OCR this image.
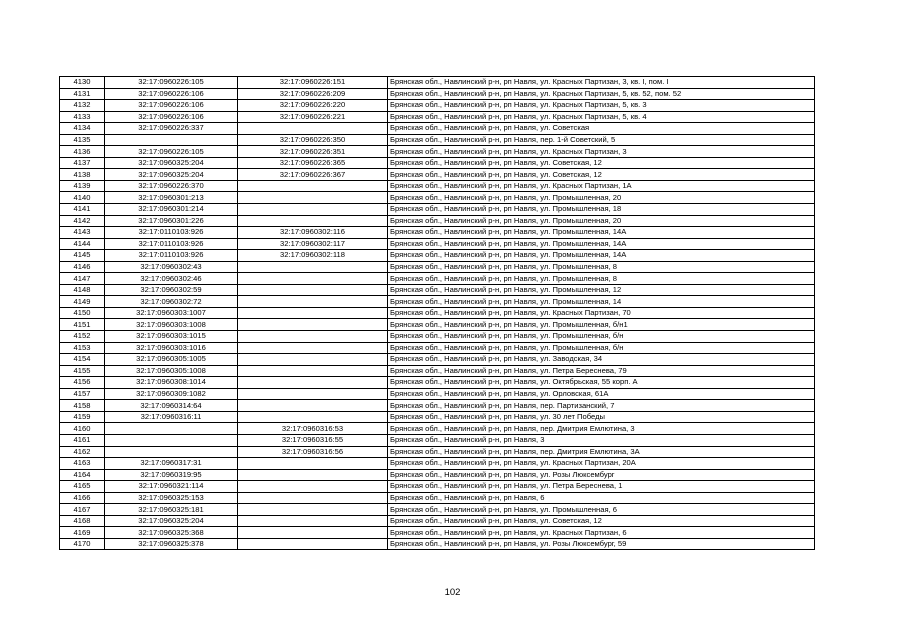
4130	32:17:0960226:105	32:17:0960226:151	Брянская обл., Навлинский р-н, рп Навля, ул. Красных Партизан, 3, кв. I, пом. I
4131	32:17:0960226:106	32:17:0960226:209	Брянская обл., Навлинский р-н, рп Навля, ул. Красных Партизан, 5, кв. 52, пом. 52
4132	32:17:0960226:106	32:17:0960226:220	Брянская обл., Навлинский р-н, рп Навля, ул. Красных Партизан, 5, кв. 3
4133	32:17:0960226:106	32:17:0960226:221	Брянская обл., Навлинский р-н, рп Навля, ул. Красных Партизан, 5, кв. 4
4134	32:17:0960226:337		Брянская обл., Навлинский р-н, рп Навля, ул. Советская
4135		32:17:0960226:350	Брянская обл., Навлинский р-н, рп Навля, пер. 1-й Советский, 5
4136	32:17:0960226:105	32:17:0960226:351	Брянская обл., Навлинский р-н, рп Навля, ул. Красных Партизан, 3
4137	32:17:0960325:204	32:17:0960226:365	Брянская обл., Навлинский р-н, рп Навля, ул. Советская, 12
4138	32:17:0960325:204	32:17:0960226:367	Брянская обл., Навлинский р-н, рп Навля, ул. Советская, 12
4139	32:17:0960226:370		Брянская обл., Навлинский р-н, рп Навля, ул. Красных Партизан, 1А
4140	32:17:0960301:213		Брянская обл., Навлинский р-н, рп Навля, ул. Промышленная, 20
4141	32:17:0960301:214		Брянская обл., Навлинский р-н, рп Навля, ул. Промышленная, 18
4142	32:17:0960301:226		Брянская обл., Навлинский р-н, рп Навля, ул. Промышленная, 20
4143	32:17:0110103:926	32:17:0960302:116	Брянская обл., Навлинский р-н, рп Навля, ул. Промышленная, 14А
4144	32:17:0110103:926	32:17:0960302:117	Брянская обл., Навлинский р-н, рп Навля, ул. Промышленная, 14А
4145	32:17:0110103:926	32:17:0960302:118	Брянская обл., Навлинский р-н, рп Навля, ул. Промышленная, 14А
4146	32:17:0960302:43		Брянская обл., Навлинский р-н, рп Навля, ул. Промышленная, 8
4147	32:17:0960302:46		Брянская обл., Навлинский р-н, рп Навля, ул. Промышленная, 8
4148	32:17:0960302:59		Брянская обл., Навлинский р-н, рп Навля, ул. Промышленная, 12
4149	32:17:0960302:72		Брянская обл., Навлинский р-н, рп Навля, ул. Промышленная, 14
4150	32:17:0960303:1007		Брянская обл., Навлинский р-н, рп Навля, ул. Красных Партизан, 70
4151	32:17:0960303:1008		Брянская обл., Навлинский р-н, рп Навля, ул. Промышленная, б/н1
4152	32:17:0960303:1015		Брянская обл., Навлинский р-н, рп Навля, ул. Промышленная, б/н
4153	32:17:0960303:1016		Брянская обл., Навлинский р-н, рп Навля, ул. Промышленная, б/н
4154	32:17:0960305:1005		Брянская обл., Навлинский р-н, рп Навля, ул. Заводская, 34
4155	32:17:0960305:1008		Брянская обл., Навлинский р-н, рп Навля, ул. Петра Береснева, 79
4156	32:17:0960308:1014		Брянская обл., Навлинский р-н, рп Навля, ул. Октябрьская, 55 корп. А
4157	32:17:0960309:1082		Брянская обл., Навлинский р-н, рп Навля, ул. Орловская, 61А
4158	32:17:0960314:64		Брянская обл., Навлинский р-н, рп Навля, пер. Партизанский, 7
4159	32:17:0960316:11		Брянская обл., Навлинский р-н, рп Навля, ул. 30 лет Победы
4160		32:17:0960316:53	Брянская обл., Навлинский р-н, рп Навля, пер. Дмитрия Емлютина, 3
4161		32:17:0960316:55	Брянская обл., Навлинский р-н, рп Навля, 3
4162		32:17:0960316:56	Брянская обл., Навлинский р-н, рп Навля, пер. Дмитрия Емлютина, 3А
4163	32:17:0960317:31		Брянская обл., Навлинский р-н, рп Навля, ул. Красных Партизан, 20А
4164	32:17:0960319:95		Брянская обл., Навлинский р-н, рп Навля, ул. Розы Люксембург
4165	32:17:0960321:114		Брянская обл., Навлинский р-н, рп Навля, ул. Петра Береснева, 1
4166	32:17:0960325:153		Брянская обл., Навлинский р-н, рп Навля, 6
4167	32:17:0960325:181		Брянская обл., Навлинский р-н, рп Навля, ул. Промышленная, 6
4168	32:17:0960325:204		Брянская обл., Навлинский р-н, рп Навля, ул. Советская, 12
4169	32:17:0960325:368		Брянская обл., Навлинский р-н, рп Навля, ул. Красных Партизан, 6
4170	32:17:0960325:378		Брянская обл., Навлинский р-н, рп Навля, ул. Розы Люксембург, 59
102
